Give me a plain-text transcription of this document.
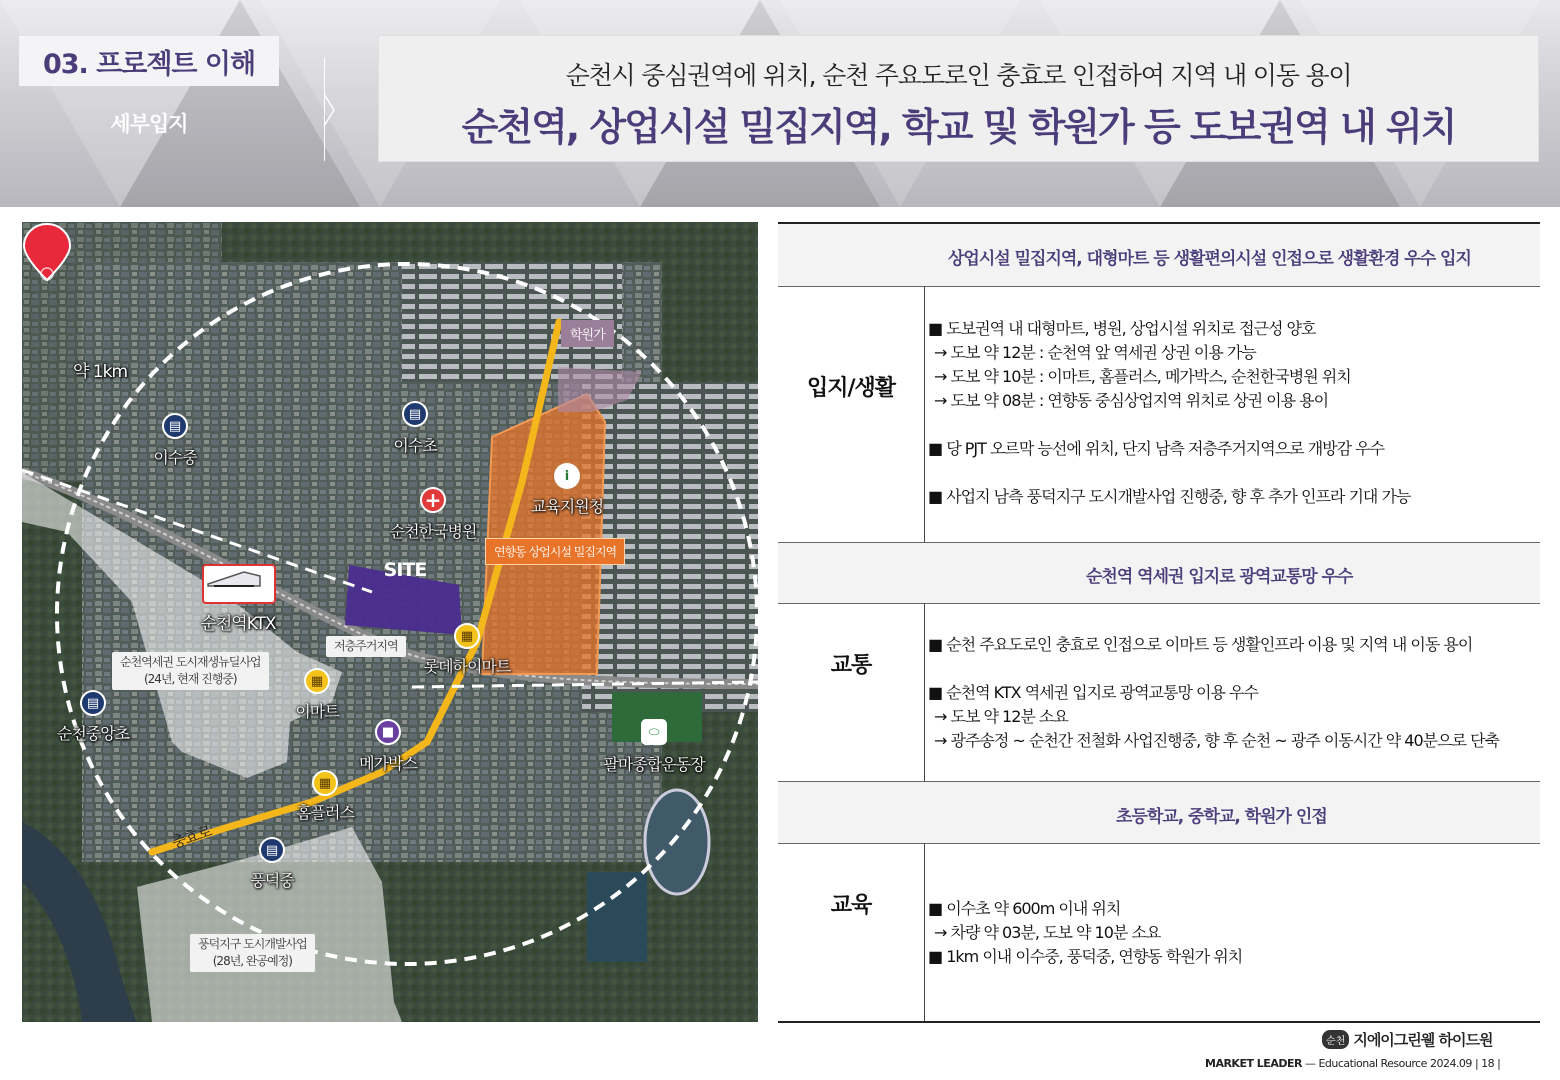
03. 프로젝트 이해
세부입지
순천시 중심권역에 위치, 순천 주요도로인 충효로 인접하여 지역 내 이동 용이
순천역, 상업시설 밀집지역, 학교 및 학원가 등 도보권역 내 위치
약 1km
▤
이수중
▤
이수초
+
순천한국병원
i
교육지원청
학원가
연향동 상업시설 밀집지역
SITE
순천역KTX
저층주거지역
▦
롯데하이마트
순천역세권 도시재생뉴딜사업
(24년, 현재 진행중)	▦
이마트
▤
순천중앙초	■
메가박스
⬭
팔마종합운동장
▦
홈플러스
충효로	▤
풍덕중
풍덕지구 도시개발사업
(28년, 완공예정)
상업시설 밀집지역, 대형마트 등 생활편의시설 인접으로 생활환경 우수 입지
입지/생활
■ 도보권역 내 대형마트, 병원, 상업시설 위치로 접근성 양호
→ 도보 약 12분 : 순천역 앞 역세권 상권 이용 가능
→ 도보 약 10분 : 이마트, 홈플러스, 메가박스, 순천한국병원 위치
→ 도보 약 08분 : 연향동 중심상업지역 위치로 상권 이용 용이
■ 당 PJT 오르막 능선에 위치, 단지 남측 저층주거지역으로 개방감 우수
■ 사업지 남측 풍덕지구 도시개발사업 진행중, 향 후 추가 인프라 기대 가능
순천역 역세권 입지로 광역교통망 우수
교통
■ 순천 주요도로인 충효로 인접으로 이마트 등 생활인프라 이용 및 지역 내 이동 용이
■ 순천역 KTX 역세권 입지로 광역교통망 이용 우수
→ 도보 약 12분 소요
→ 광주송정 ~ 순천간 전철화 사업진행중, 향 후 순천 ~ 광주 이동시간 약 40분으로 단축
초등학교, 중학교, 학원가 인접
교육	■ 이수초 약 600m 이내 위치
→ 차량 약 03분, 도보 약 10분 소요
■ 1km 이내 이수중, 풍덕중, 연향동 학원가 위치
순천 지에이그린웰 하이드원
MARKET LEADER — Educational Resource 2024.09 | 18 |
